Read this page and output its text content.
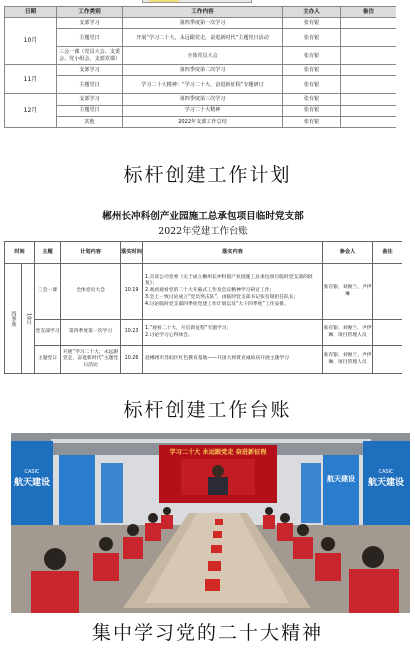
日期	工作类别	工作内容	主办人	备注
10月	支部学习	第四季度第一次学习	张有银	
	主题党日	开展“学习二十大，永远跟党走，奋进新时代”主题党日活动	张有银	
	三会一课（党员大会、支委会、党小组会、支部党课）	全体党员大会	张有银	
11月	支部学习	第四季度第二次学习	张有银	
	主题党日	学习二十大精神：“学习二十大，奋进新征程”专题研讨	张有银	
12月	支部学习	第四季度第三次学习	张有银	
	主题党日	学习二十大精神	张有银	
	其他	2022年支部工作总结	张有银	
标杆创建工作计划
郴州长冲科创产业园施工总承包项目临时党支部
2022年党建工作台账
时间		主题	计划内容	落实时间	落实内容	参会人	备注
四季度	10月	三会一课	全体党员大会	10.19	1.宣读公司党委《关于成立郴州长冲科创产业园施工总承包项目临时党支部的批复》；

2.观看观看党的二十大开幕式工作及会议精神学习研讨工作；

3.会上一致讨论成立“党员突击队”，由临时党支部书记张有银担任队长；

4.讨论临时党支部四季度党建工作计划以及“大干四季度”工作安排。	张有银、刘俊兰、尹伊琳	
		党支部学习	第四季度第一次学习	10.23	1.“观看二十大，开启新征程”专题学习；

2.讨论学习心得体会。	张有银、刘俊兰、尹伊琳、项目管理人员	
		主题党日	开展“学习二十大，永远跟党走，奋进新时代”主题党日活动	10.26	赴郴州市苏仙区红色教育基地——开国大将黄克诚故居开展主题学习	张有银、刘俊兰、尹伊琳、项目管理人员	
标杆创建工作台账
CASIC
航天建设
CASIC
航天建设
航天建设
学习二十大 永远跟党走 奋进新征程
集中学习党的二十大精神
